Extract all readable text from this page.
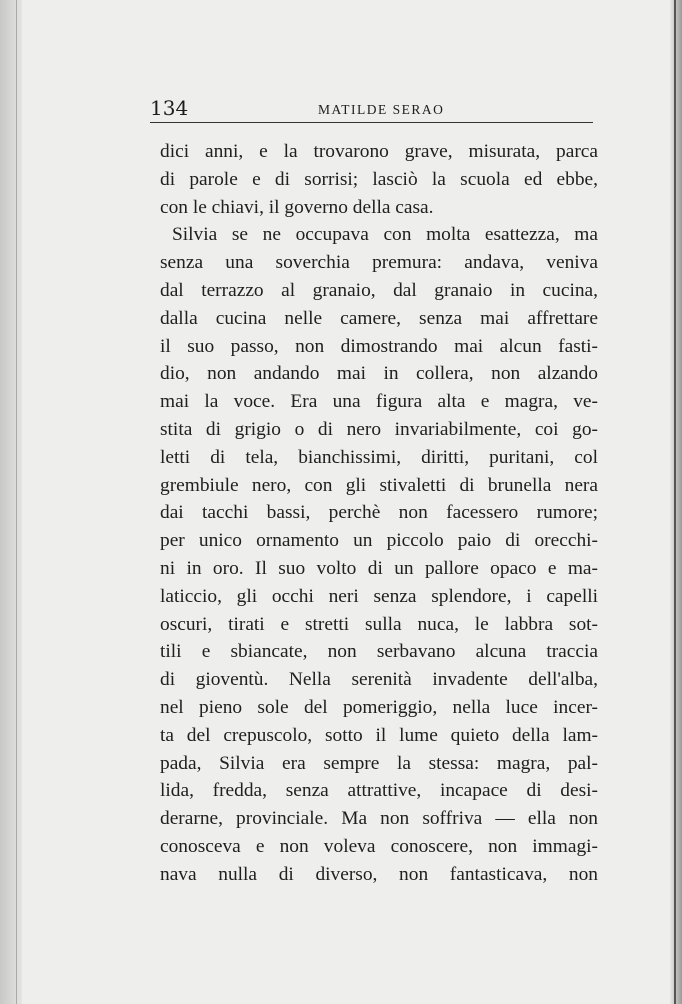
134	MATILDE SERAO
dici anni, e la trovarono grave, misurata, parca
di parole e di sorrisi; lasciò la scuola ed ebbe,
con le chiavi, il governo della casa.
Silvia se ne occupava con molta esattezza, ma
senza una soverchia premura: andava, veniva
dal terrazzo al granaio, dal granaio in cucina,
dalla cucina nelle camere, senza mai affrettare
il suo passo, non dimostrando mai alcun fasti-
dio, non andando mai in collera, non alzando
mai la voce. Era una figura alta e magra, ve-
stita di grigio o di nero invariabilmente, coi go-
letti di tela, bianchissimi, diritti, puritani, col
grembiule nero, con gli stivaletti di brunella nera
dai tacchi bassi, perchè non facessero rumore;
per unico ornamento un piccolo paio di orecchi-
ni in oro. Il suo volto di un pallore opaco e ma-
laticcio, gli occhi neri senza splendore, i capelli
oscuri, tirati e stretti sulla nuca, le labbra sot-
tili e sbiancate, non serbavano alcuna traccia
di gioventù. Nella serenità invadente dell'alba,
nel pieno sole del pomeriggio, nella luce incer-
ta del crepuscolo, sotto il lume quieto della lam-
pada, Silvia era sempre la stessa: magra, pal-
lida, fredda, senza attrattive, incapace di desi-
derarne, provinciale. Ma non soffriva — ella non
conosceva e non voleva conoscere, non immagi-
nava nulla di diverso, non fantasticava, non
